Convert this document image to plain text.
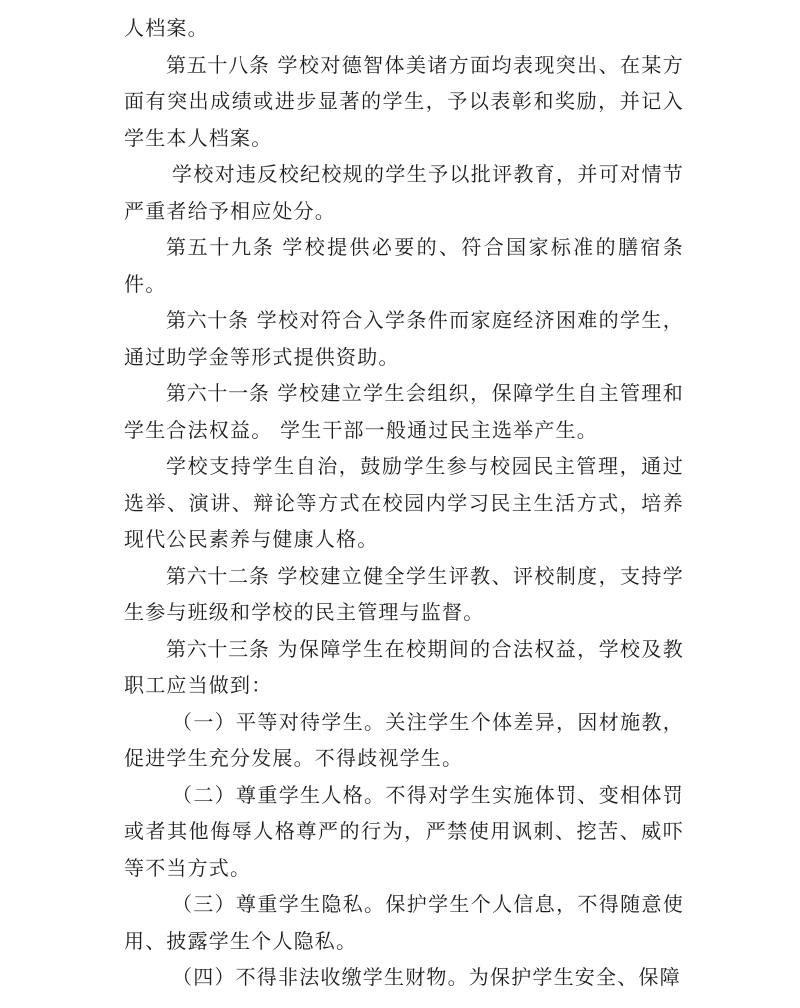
人档案。

第五十八条 学校对德智体美诸方面均表现突出、在某方面有突出成绩或进步显著的学生，予以表彰和奖励，并记入学生本人档案。

学校对违反校纪校规的学生予以批评教育，并可对情节严重者给予相应处分。

第五十九条 学校提供必要的、符合国家标准的膳宿条件。

第六十条 学校对符合入学条件而家庭经济困难的学生，通过助学金等形式提供资助。

第六十一条 学校建立学生会组织，保障学生自主管理和学生合法权益。 学生干部一般通过民主选举产生。

学校支持学生自治，鼓励学生参与校园民主管理，通过选举、演讲、辩论等方式在校园内学习民主生活方式，培养现代公民素养与健康人格。

第六十二条 学校建立健全学生评教、评校制度，支持学生参与班级和学校的民主管理与监督。

第六十三条 为保障学生在校期间的合法权益，学校及教职工应当做到：

（一）平等对待学生。关注学生个体差异，因材施教，促进学生充分发展。不得歧视学生。

（二）尊重学生人格。不得对学生实施体罚、变相体罚或者其他侮辱人格尊严的行为，严禁使用讽刺、挖苦、威吓等不当方式。

（三）尊重学生隐私。保护学生个人信息，不得随意使用、披露学生个人隐私。

（四）不得非法收缴学生财物。为保护学生安全、保障
